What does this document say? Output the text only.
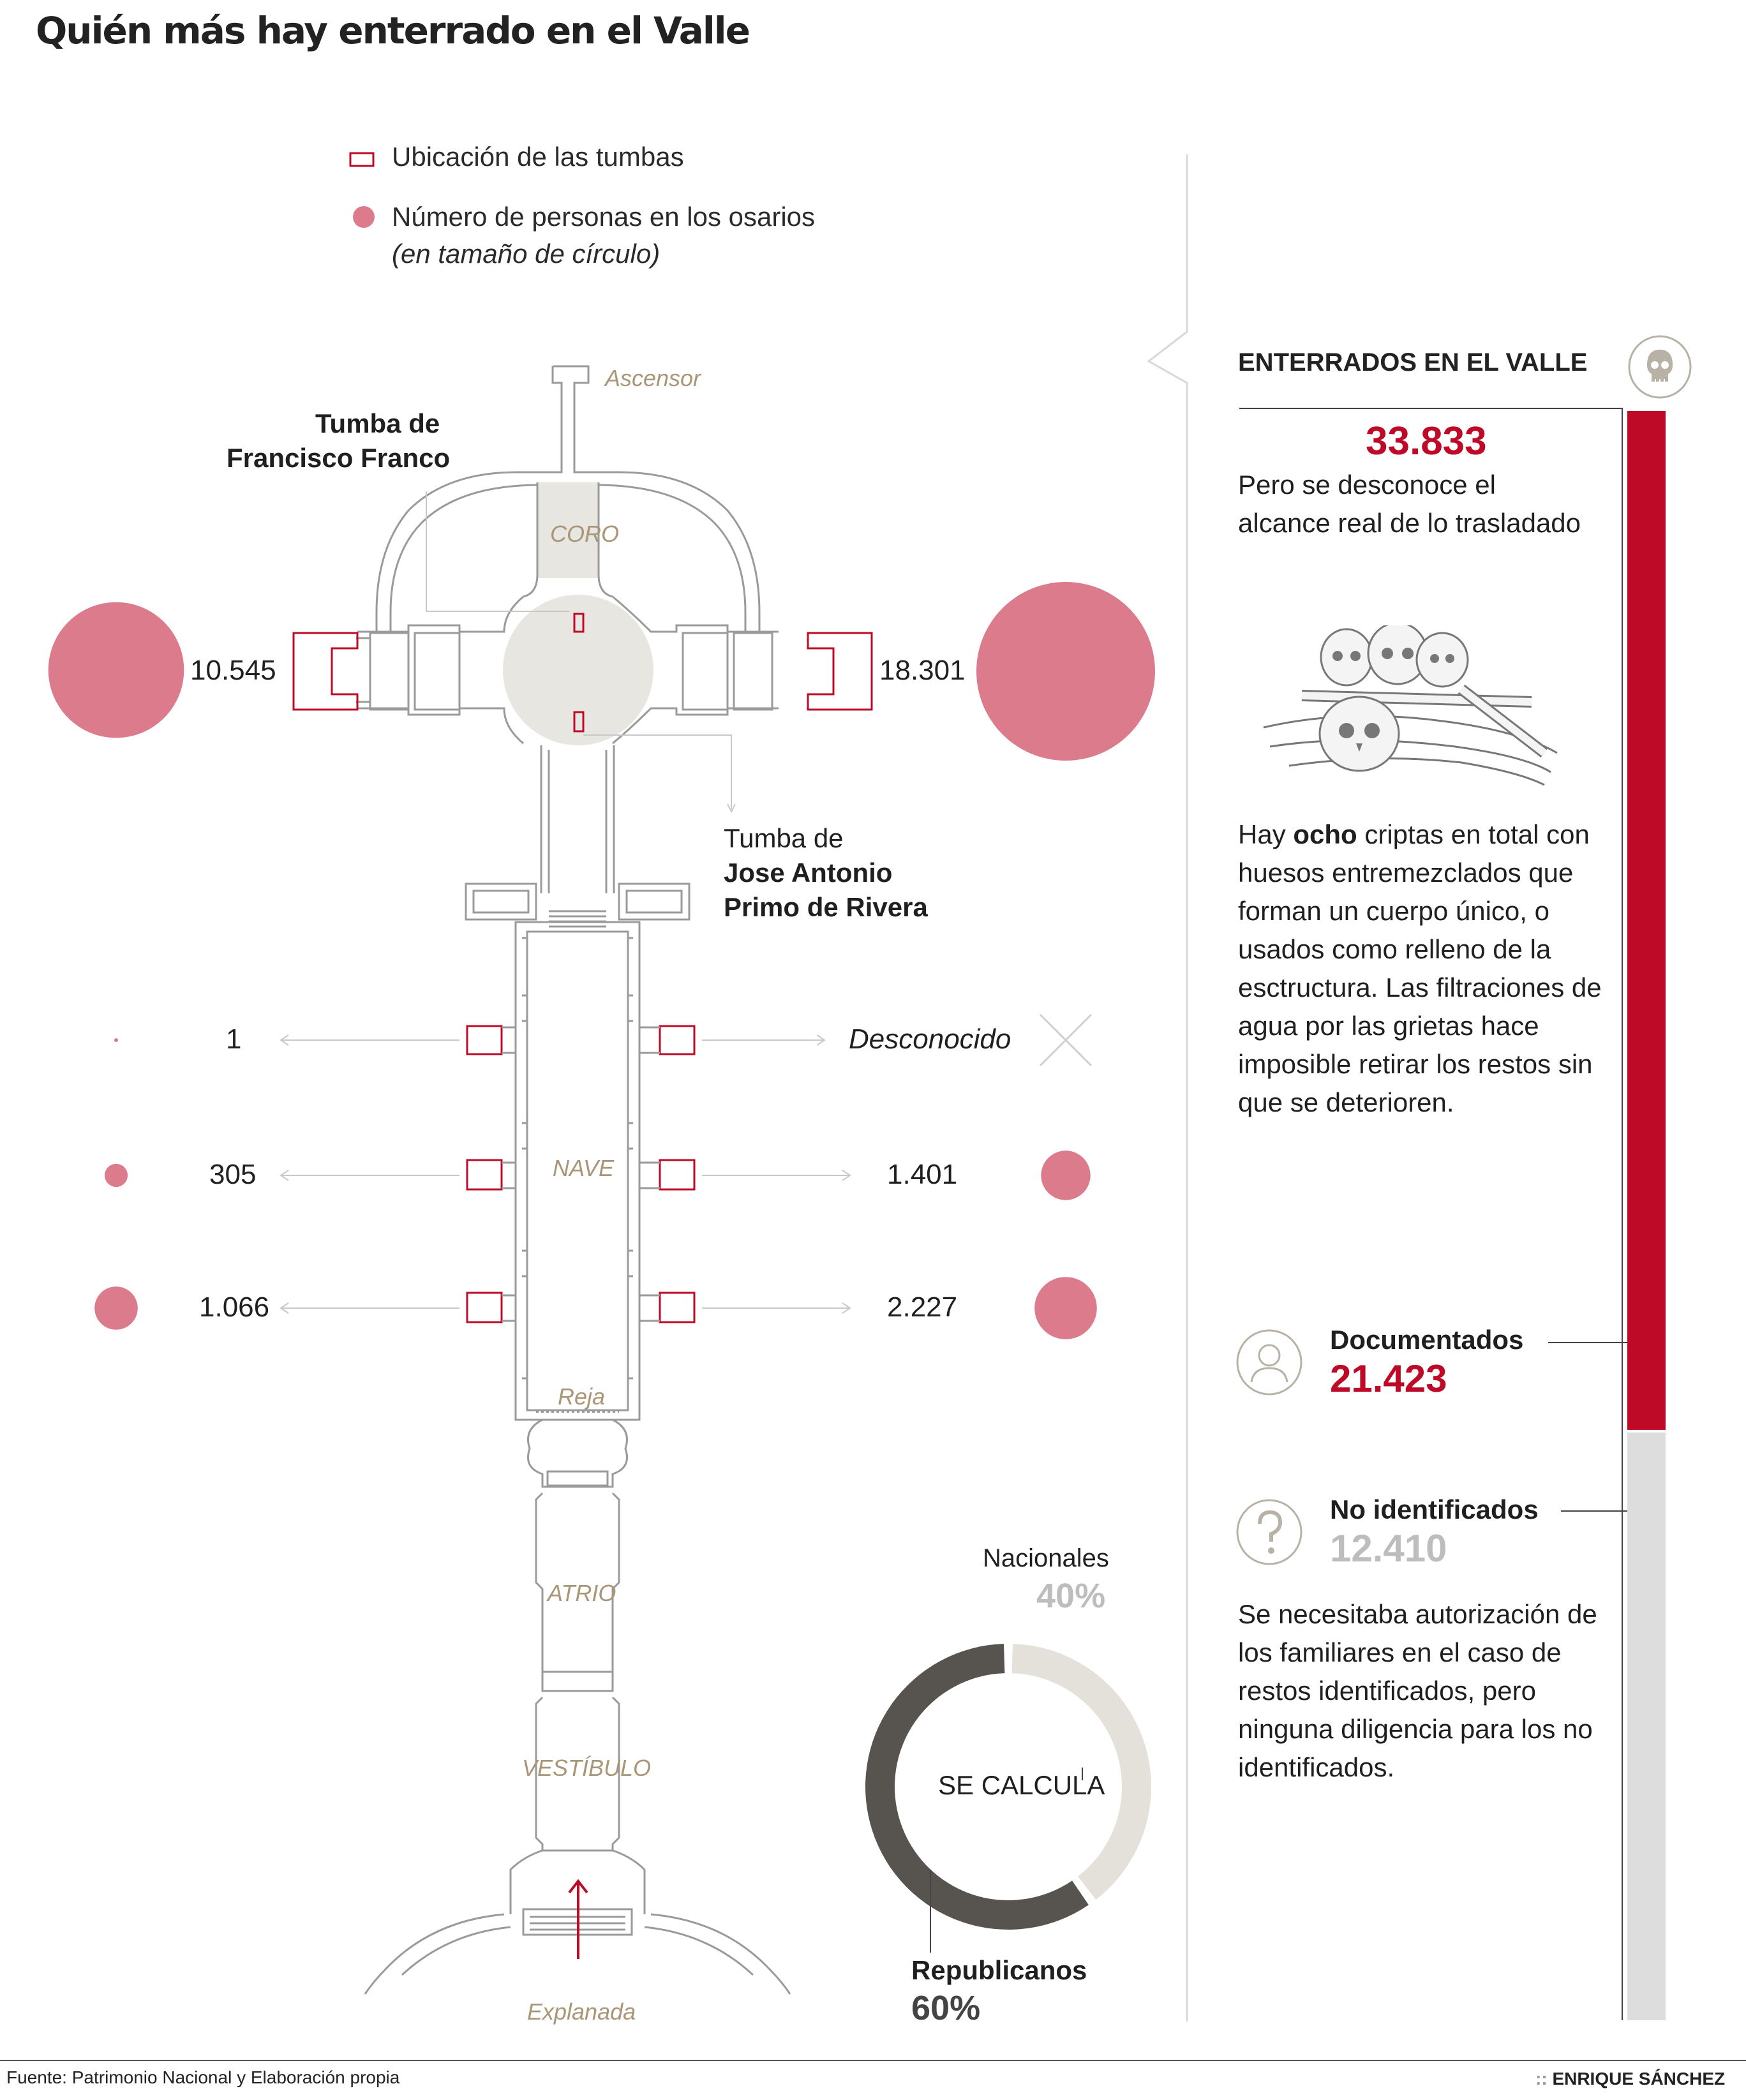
Quién más hay enterrado en el Valle
Ubicación de las tumbas
Número de personas en los osarios
(en tamaño de círculo)
Ascensor
CORO
NAVE
Reja
ATRIO
VESTÍBULO
Explanada
Tumba de
Francisco Franco
Tumba de
Jose Antonio
Primo de Rivera
10.545	18.301
1	Desconocido
305	1.401
1.066	2.227
SE CALCULA
Nacionales
40%
Republicanos
60%
ENTERRADOS EN EL VALLE
33.833
Pero se desconoce el alcance real de lo trasladado
Hay ocho criptas en total con huesos entremezclados que forman un cuerpo único, o usados como relleno de la esctructura. Las filtraciones de agua por las grietas hace imposible retirar los restos sin que se deterioren.
Documentados
21.423
No identificados
12.410
Se necesitaba autorización de los familiares en el caso de restos identificados, pero ninguna diligencia para los no identificados.
Fuente: Patrimonio Nacional y Elaboración propia	:: ENRIQUE SÁNCHEZ
